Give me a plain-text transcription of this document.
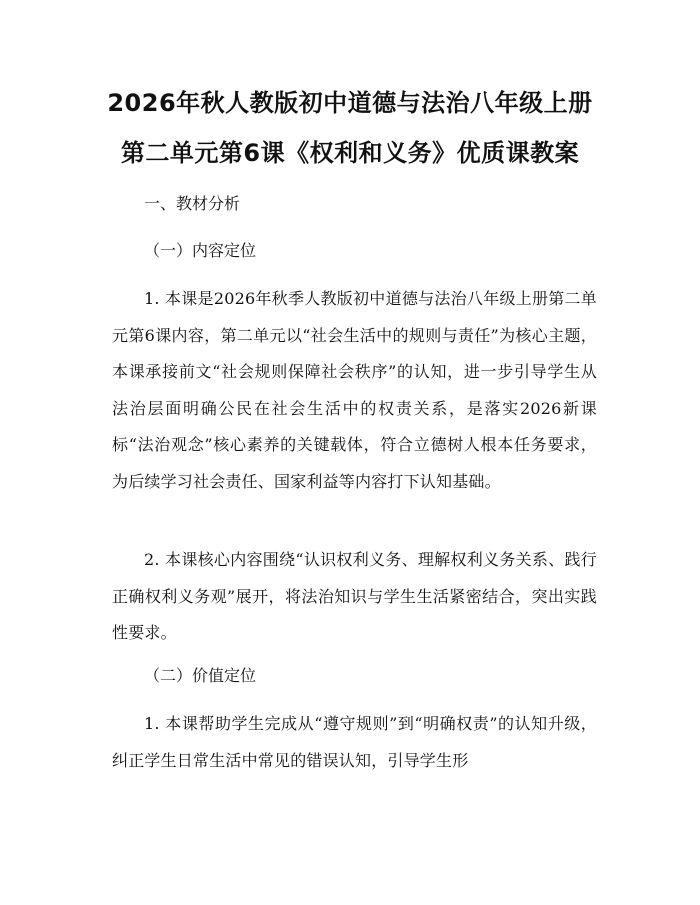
2026年秋人教版初中道德与法治八年级上册
第二单元第6课《权利和义务》优质课教案
一、教材分析
（一）内容定位
1. 本课是2026年秋季人教版初中道德与法治八年级上册第二单元第6课内容，第二单元以“社会生活中的规则与责任”为核心主题，本课承接前文“社会规则保障社会秩序”的认知，进一步引导学生从法治层面明确公民在社会生活中的权责关系，是落实2026新课标“法治观念”核心素养的关键载体，符合立德树人根本任务要求，为后续学习社会责任、国家利益等内容打下认知基础。
2. 本课核心内容围绕“认识权利义务、理解权利义务关系、践行正确权利义务观”展开，将法治知识与学生生活紧密结合，突出实践性要求。
（二）价值定位
1. 本课帮助学生完成从“遵守规则”到“明确权责”的认知升级，纠正学生日常生活中常见的错误认知，引导学生形
